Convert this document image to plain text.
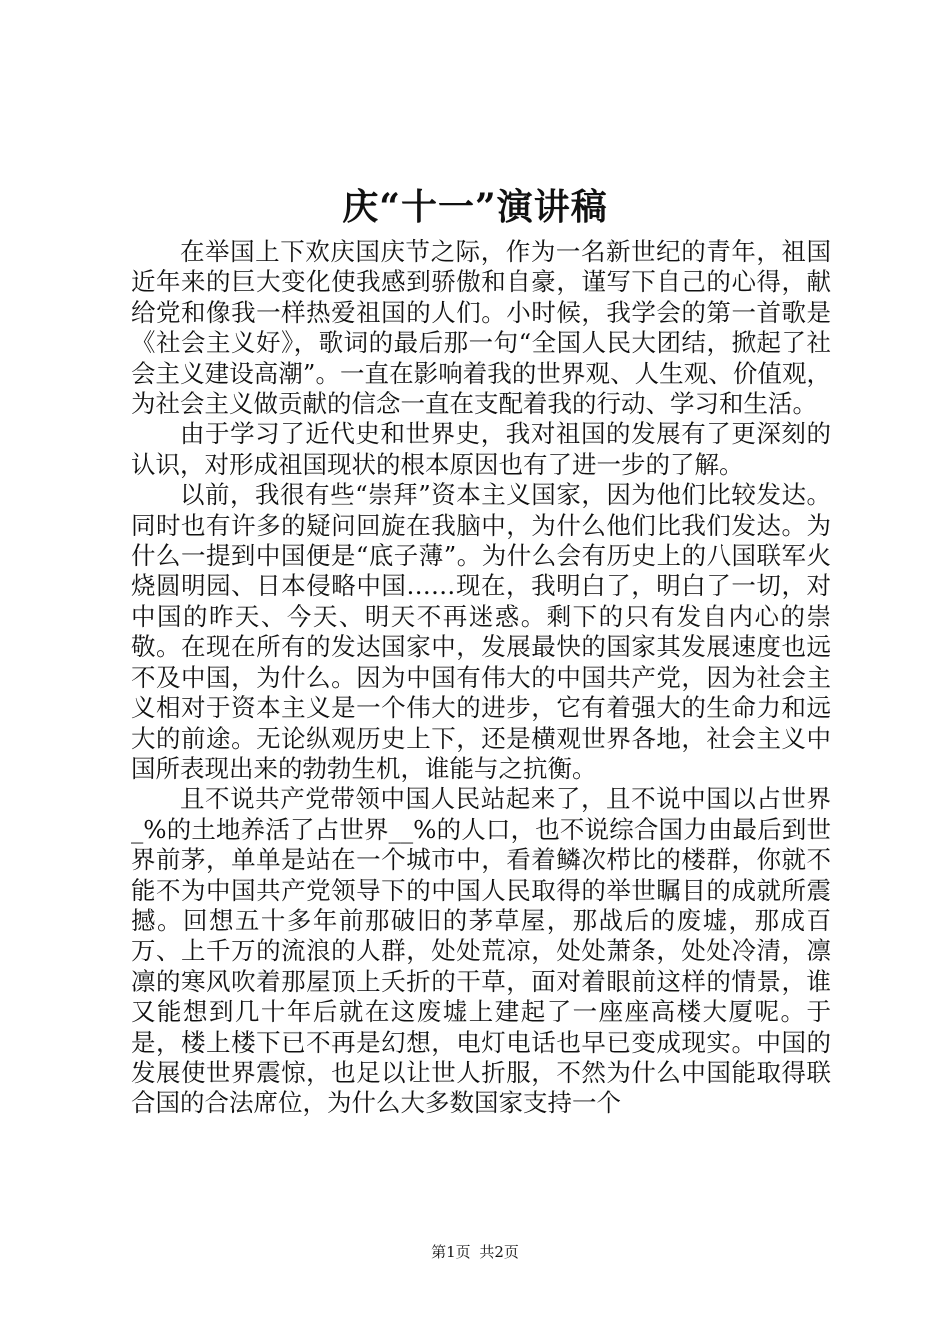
庆“十一”演讲稿

在举国上下欢庆国庆节之际，作为一名新世纪的青年，祖国近年来的巨大变化使我感到骄傲和自豪，谨写下自己的心得，献给党和像我一样热爱祖国的人们。小时候，我学会的第一首歌是《社会主义好》，歌词的最后那一句“全国人民大团结，掀起了社会主义建设高潮”。一直在影响着我的世界观、人生观、价值观，为社会主义做贡献的信念一直在支配着我的行动、学习和生活。

由于学习了近代史和世界史，我对祖国的发展有了更深刻的认识，对形成祖国现状的根本原因也有了进一步的了解。

以前，我很有些“崇拜”资本主义国家，因为他们比较发达。同时也有许多的疑问回旋在我脑中，为什么他们比我们发达。为什么一提到中国便是“底子薄”。为什么会有历史上的八国联军火烧圆明园、日本侵略中国……现在，我明白了，明白了一切，对中国的昨天、今天、明天不再迷惑。剩下的只有发自内心的崇敬。在现在所有的发达国家中，发展最快的国家其发展速度也远不及中国，为什么。因为中国有伟大的中国共产党，因为社会主义相对于资本主义是一个伟大的进步，它有着强大的生命力和远大的前途。无论纵观历史上下，还是横观世界各地，社会主义中国所表现出来的勃勃生机，谁能与之抗衡。

且不说共产党带领中国人民站起来了，且不说中国以占世界_%的土地养活了占世界__%的人口，也不说综合国力由最后到世界前茅，单单是站在一个城市中，看着鳞次栉比的楼群，你就不能不为中国共产党领导下的中国人民取得的举世瞩目的成就所震撼。回想五十多年前那破旧的茅草屋，那战后的废墟，那成百万、上千万的流浪的人群，处处荒凉，处处萧条，处处冷清，凛凛的寒风吹着那屋顶上夭折的干草，面对着眼前这样的情景，谁又能想到几十年后就在这废墟上建起了一座座高楼大厦呢。于是，楼上楼下已不再是幻想，电灯电话也早已变成现实。中国的发展使世界震惊，也足以让世人折服，不然为什么中国能取得联合国的合法席位，为什么大多数国家支持一个

第1页 共2页
